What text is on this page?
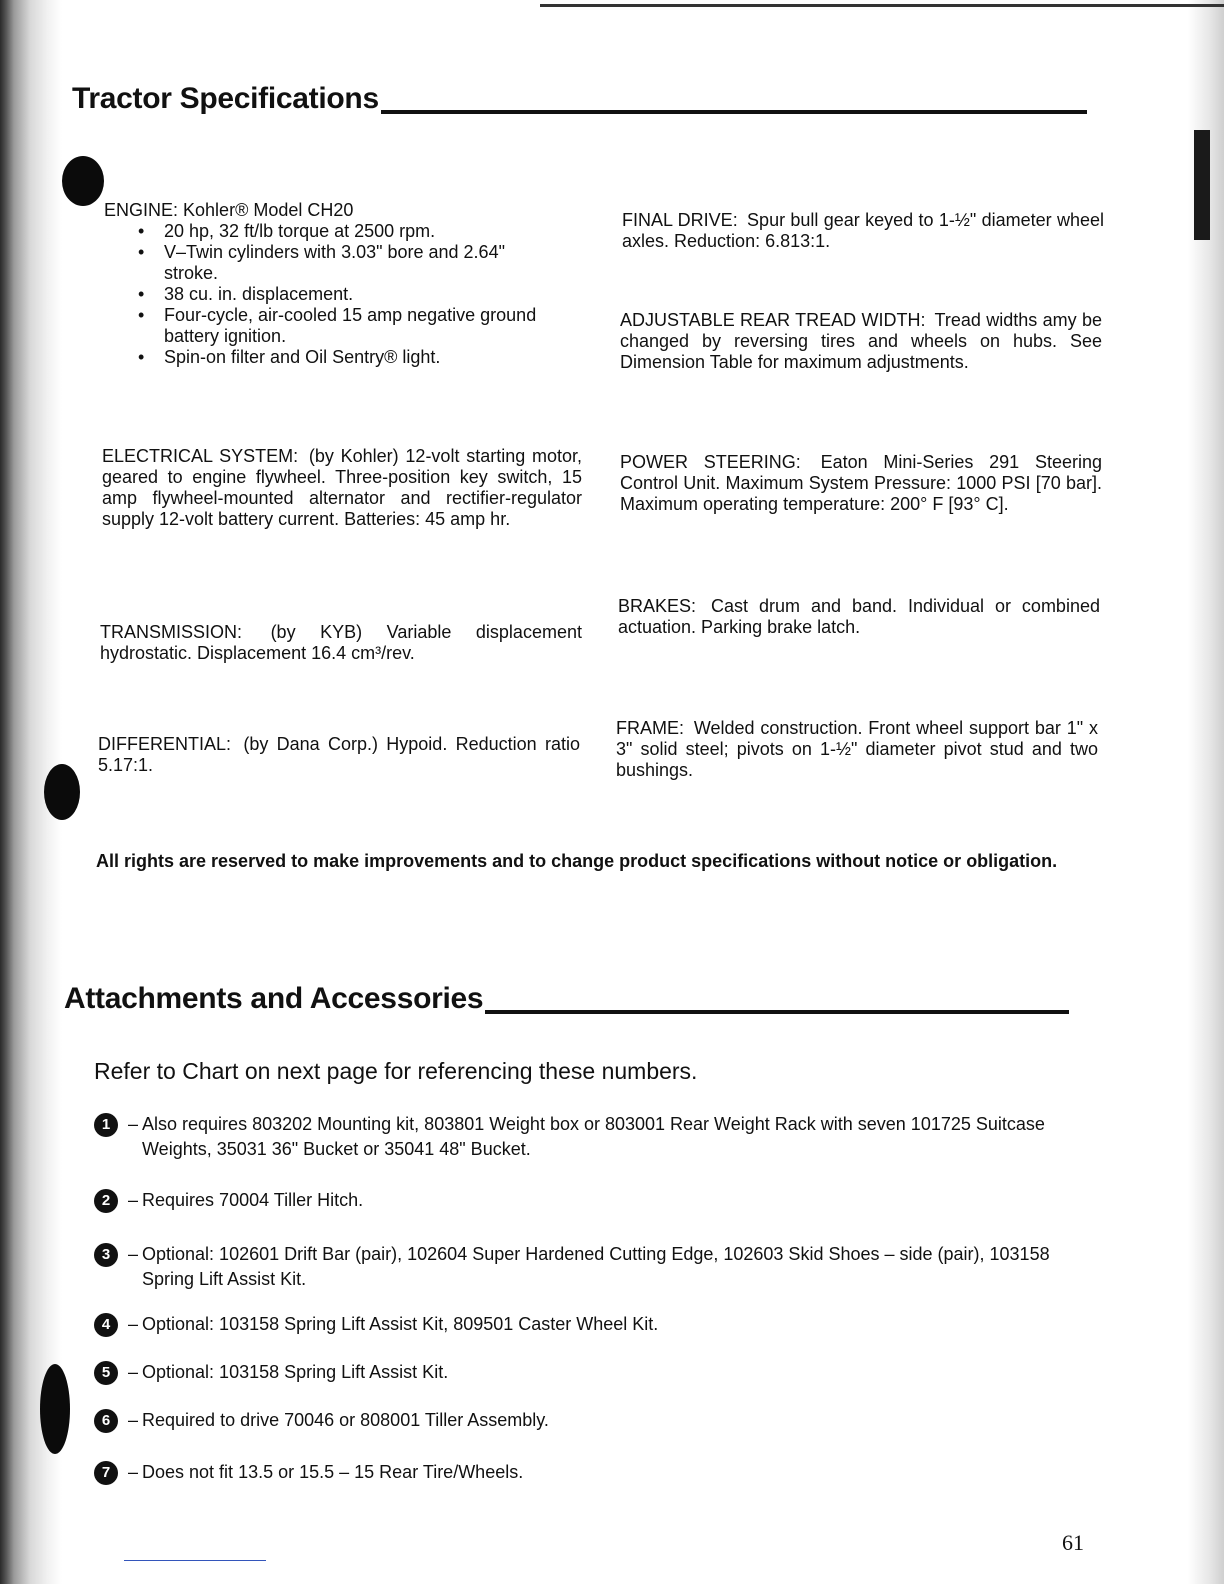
Tractor Specifications
ENGINE: Kohler® Model CH20
• 20 hp, 32 ft/lb torque at 2500 rpm.
• V–Twin cylinders with 3.03" bore and 2.64" stroke.
• 38 cu. in. displacement.
• Four-cycle, air-cooled 15 amp negative ground battery ignition.
• Spin-on filter and Oil Sentry® light.
ELECTRICAL SYSTEM: (by Kohler) 12-volt starting motor, geared to engine flywheel. Three-position key switch, 15 amp flywheel-mounted alternator and rectifier-regulator supply 12-volt battery current. Batteries: 45 amp hr.
TRANSMISSION: (by KYB) Variable displacement hydrostatic. Displacement 16.4 cm³/rev.
DIFFERENTIAL: (by Dana Corp.) Hypoid. Reduction ratio 5.17:1.
FINAL DRIVE: Spur bull gear keyed to 1-½" diameter wheel axles. Reduction: 6.813:1.
ADJUSTABLE REAR TREAD WIDTH: Tread widths amy be changed by reversing tires and wheels on hubs. See Dimension Table for maximum adjustments.
POWER STEERING: Eaton Mini-Series 291 Steering Control Unit. Maximum System Pressure: 1000 PSI [70 bar]. Maximum operating temperature: 200° F [93° C].
BRAKES: Cast drum and band. Individual or combined actuation. Parking brake latch.
FRAME: Welded construction. Front wheel support bar 1" x 3" solid steel; pivots on 1-½" diameter pivot stud and two bushings.
All rights are reserved to make improvements and to change product specifications without notice or obligation.
Attachments and Accessories
Refer to Chart on next page for referencing these numbers.
1 – Also requires 803202 Mounting kit, 803801 Weight box or 803001 Rear Weight Rack with seven 101725 Suitcase Weights, 35031 36" Bucket or 35041 48" Bucket.
2 – Requires 70004 Tiller Hitch.
3 – Optional: 102601 Drift Bar (pair), 102604 Super Hardened Cutting Edge, 102603 Skid Shoes – side (pair), 103158 Spring Lift Assist Kit.
4 – Optional: 103158 Spring Lift Assist Kit, 809501 Caster Wheel Kit.
5 – Optional: 103158 Spring Lift Assist Kit.
6 – Required to drive 70046 or 808001 Tiller Assembly.
7 – Does not fit 13.5 or 15.5 – 15 Rear Tire/Wheels.
61
